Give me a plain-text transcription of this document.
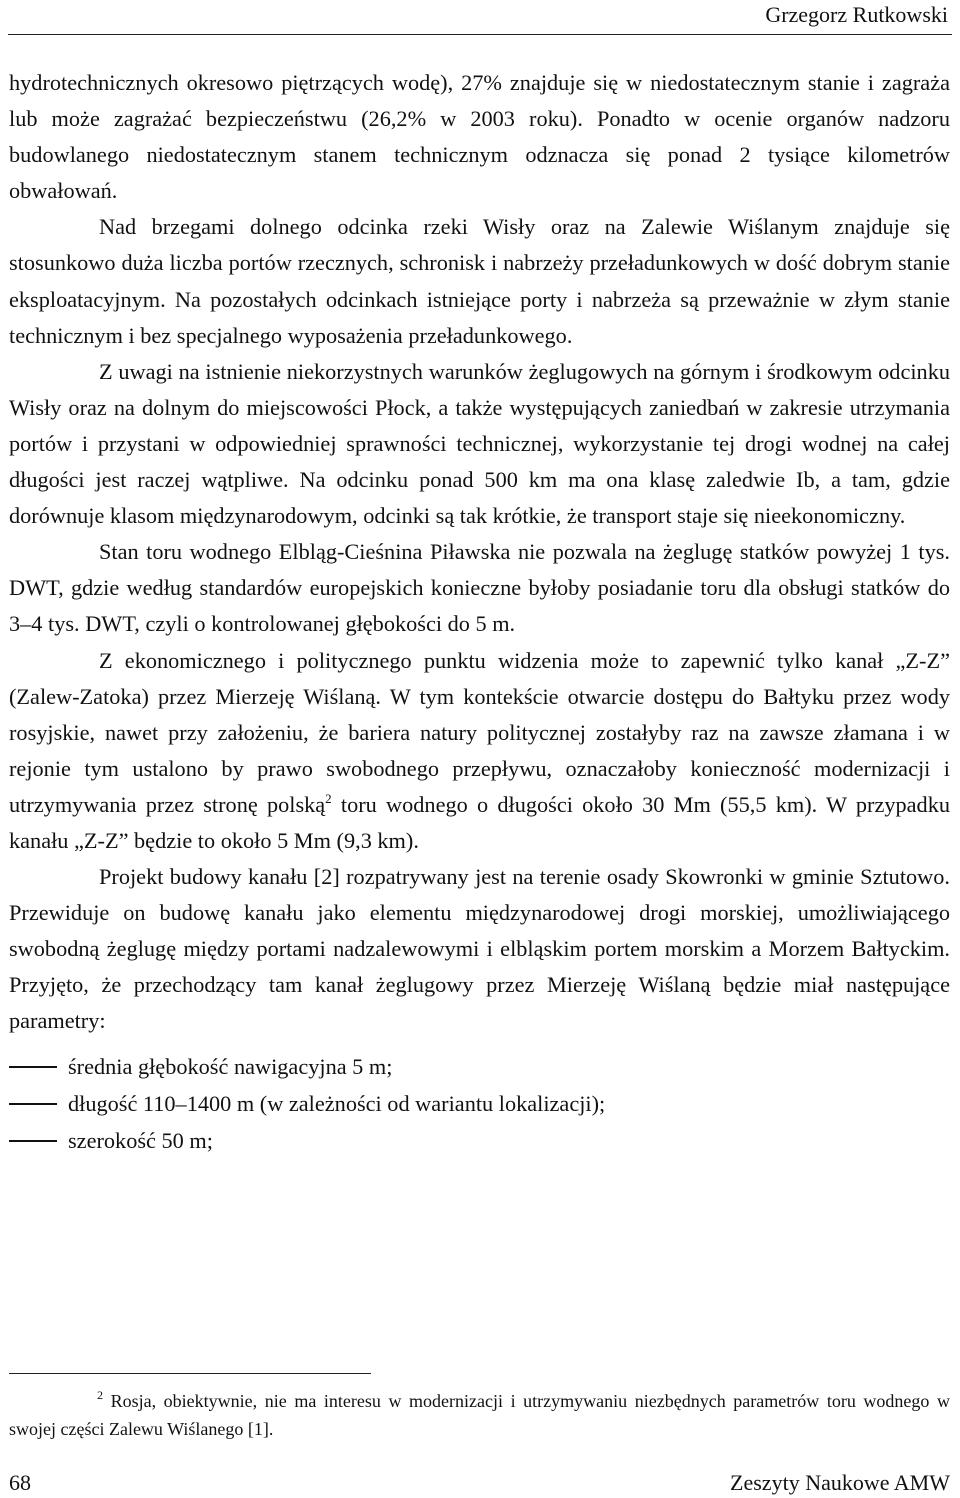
Grzegorz Rutkowski

hydrotechnicznych okresowo piętrzących wodę), 27% znajduje się w niedostatecznym stanie i zagraża lub może zagrażać bezpieczeństwu (26,2% w 2003 roku). Ponadto w ocenie organów nadzoru budowlanego niedostatecznym stanem technicznym odznacza się ponad 2 tysiące kilometrów obwałowań.

Nad brzegami dolnego odcinka rzeki Wisły oraz na Zalewie Wiślanym znajduje się stosunkowo duża liczba portów rzecznych, schronisk i nabrzeży przeładunkowych w dość dobrym stanie eksploatacyjnym. Na pozostałych odcinkach istniejące porty i nabrzeża są przeważnie w złym stanie technicznym i bez specjalnego wyposażenia przeładunkowego.

Z uwagi na istnienie niekorzystnych warunków żeglugowych na górnym i środkowym odcinku Wisły oraz na dolnym do miejscowości Płock, a także występujących zaniedbań w zakresie utrzymania portów i przystani w odpowiedniej sprawności technicznej, wykorzystanie tej drogi wodnej na całej długości jest raczej wątpliwe. Na odcinku ponad 500 km ma ona klasę zaledwie Ib, a tam, gdzie dorównuje klasom międzynarodowym, odcinki są tak krótkie, że transport staje się nieekonomiczny.

Stan toru wodnego Elbląg-Cieśnina Piławska nie pozwala na żeglugę statków powyżej 1 tys. DWT, gdzie według standardów europejskich konieczne byłoby posiadanie toru dla obsługi statków do 3–4 tys. DWT, czyli o kontrolowanej głębokości do 5 m.

Z ekonomicznego i politycznego punktu widzenia może to zapewnić tylko kanał „Z-Z” (Zalew-Zatoka) przez Mierzeję Wiślaną. W tym kontekście otwarcie dostępu do Bałtyku przez wody rosyjskie, nawet przy założeniu, że bariera natury politycznej zostałyby raz na zawsze złamana i w rejonie tym ustalono by prawo swobodnego przepływu, oznaczałoby konieczność modernizacji i utrzymywania przez stronę polską$^2$ toru wodnego o długości około 30 Mm (55,5 km). W przypadku kanału „Z-Z” będzie to około 5 Mm (9,3 km).

Projekt budowy kanału [2] rozpatrywany jest na terenie osady Skowronki w gminie Sztutowo. Przewiduje on budowę kanału jako elementu międzynarodowej drogi morskiej, umożliwiającego swobodną żeglugę między portami nadzalewowymi i elbląskim portem morskim a Morzem Bałtyckim. Przyjęto, że przechodzący tam kanał żeglugowy przez Mierzeję Wiślaną będzie miał następujące parametry:

średnia głębokość nawigacyjna 5 m;
długość 110–1400 m (w zależności od wariantu lokalizacji);
szerokość 50 m;

$^2$ Rosja, obiektywnie, nie ma interesu w modernizacji i utrzymywaniu niezbędnych parametrów toru wodnego w swojej części Zalewu Wiślanego [1].

68	Zeszyty Naukowe AMW
